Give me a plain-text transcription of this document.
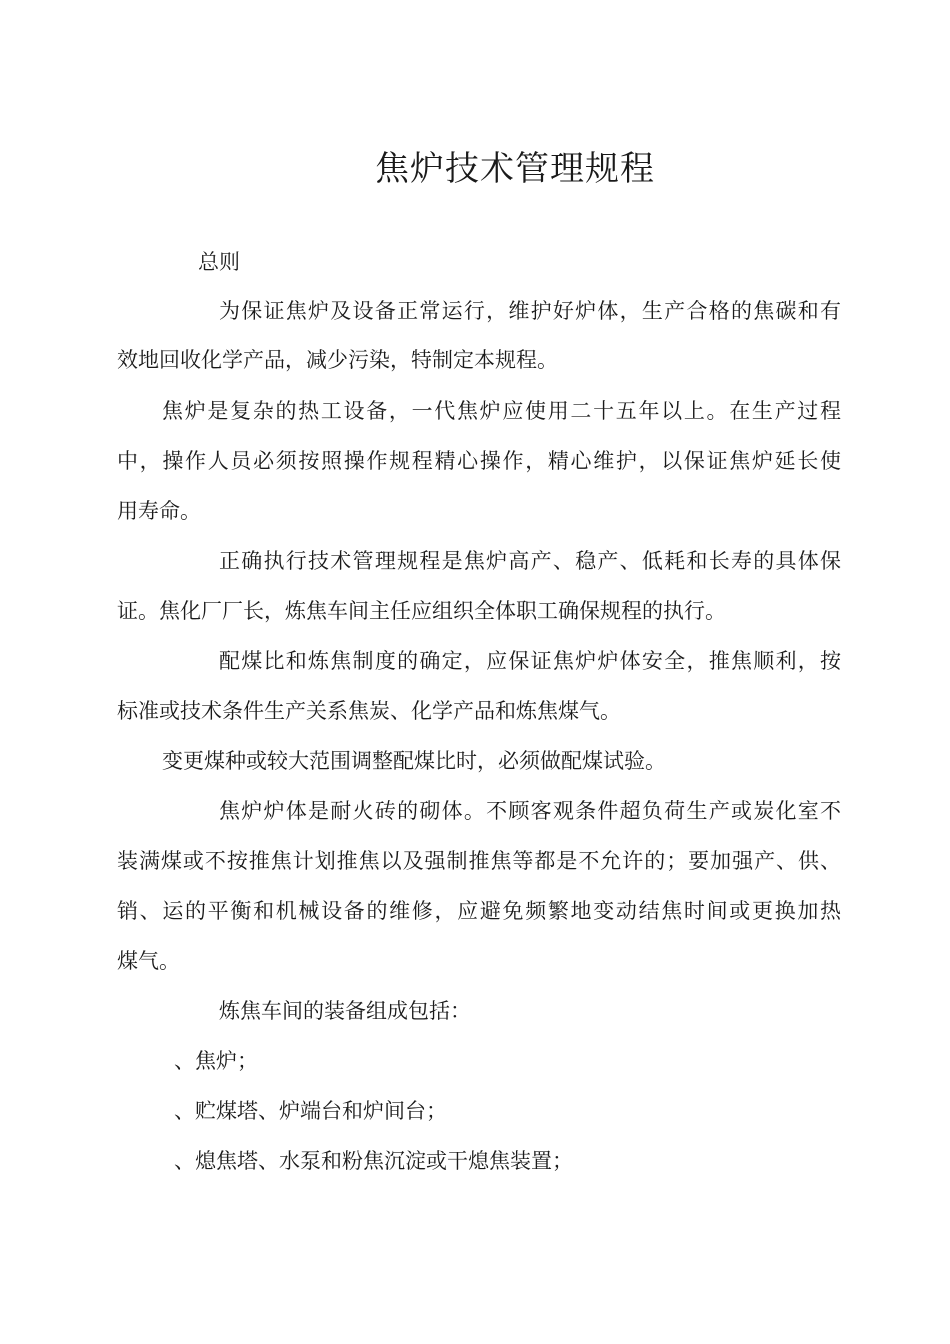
焦炉技术管理规程
总则
为保证焦炉及设备正常运行，维护好炉体，生产合格的焦碳和有
效地回收化学产品，减少污染，特制定本规程。
焦炉是复杂的热工设备，一代焦炉应使用二十五年以上。在生产过程
中，操作人员必须按照操作规程精心操作，精心维护，以保证焦炉延长使
用寿命。
正确执行技术管理规程是焦炉高产、稳产、低耗和长寿的具体保
证。焦化厂厂长，炼焦车间主任应组织全体职工确保规程的执行。
配煤比和炼焦制度的确定，应保证焦炉炉体安全，推焦顺利，按
标准或技术条件生产关系焦炭、化学产品和炼焦煤气。
变更煤种或较大范围调整配煤比时，必须做配煤试验。
焦炉炉体是耐火砖的砌体。不顾客观条件超负荷生产或炭化室不
装满煤或不按推焦计划推焦以及强制推焦等都是不允许的；要加强产、供、
销、运的平衡和机械设备的维修，应避免频繁地变动结焦时间或更换加热
煤气。
炼焦车间的装备组成包括：
、焦炉；
、贮煤塔、炉端台和炉间台；
、熄焦塔、水泵和粉焦沉淀或干熄焦装置；
